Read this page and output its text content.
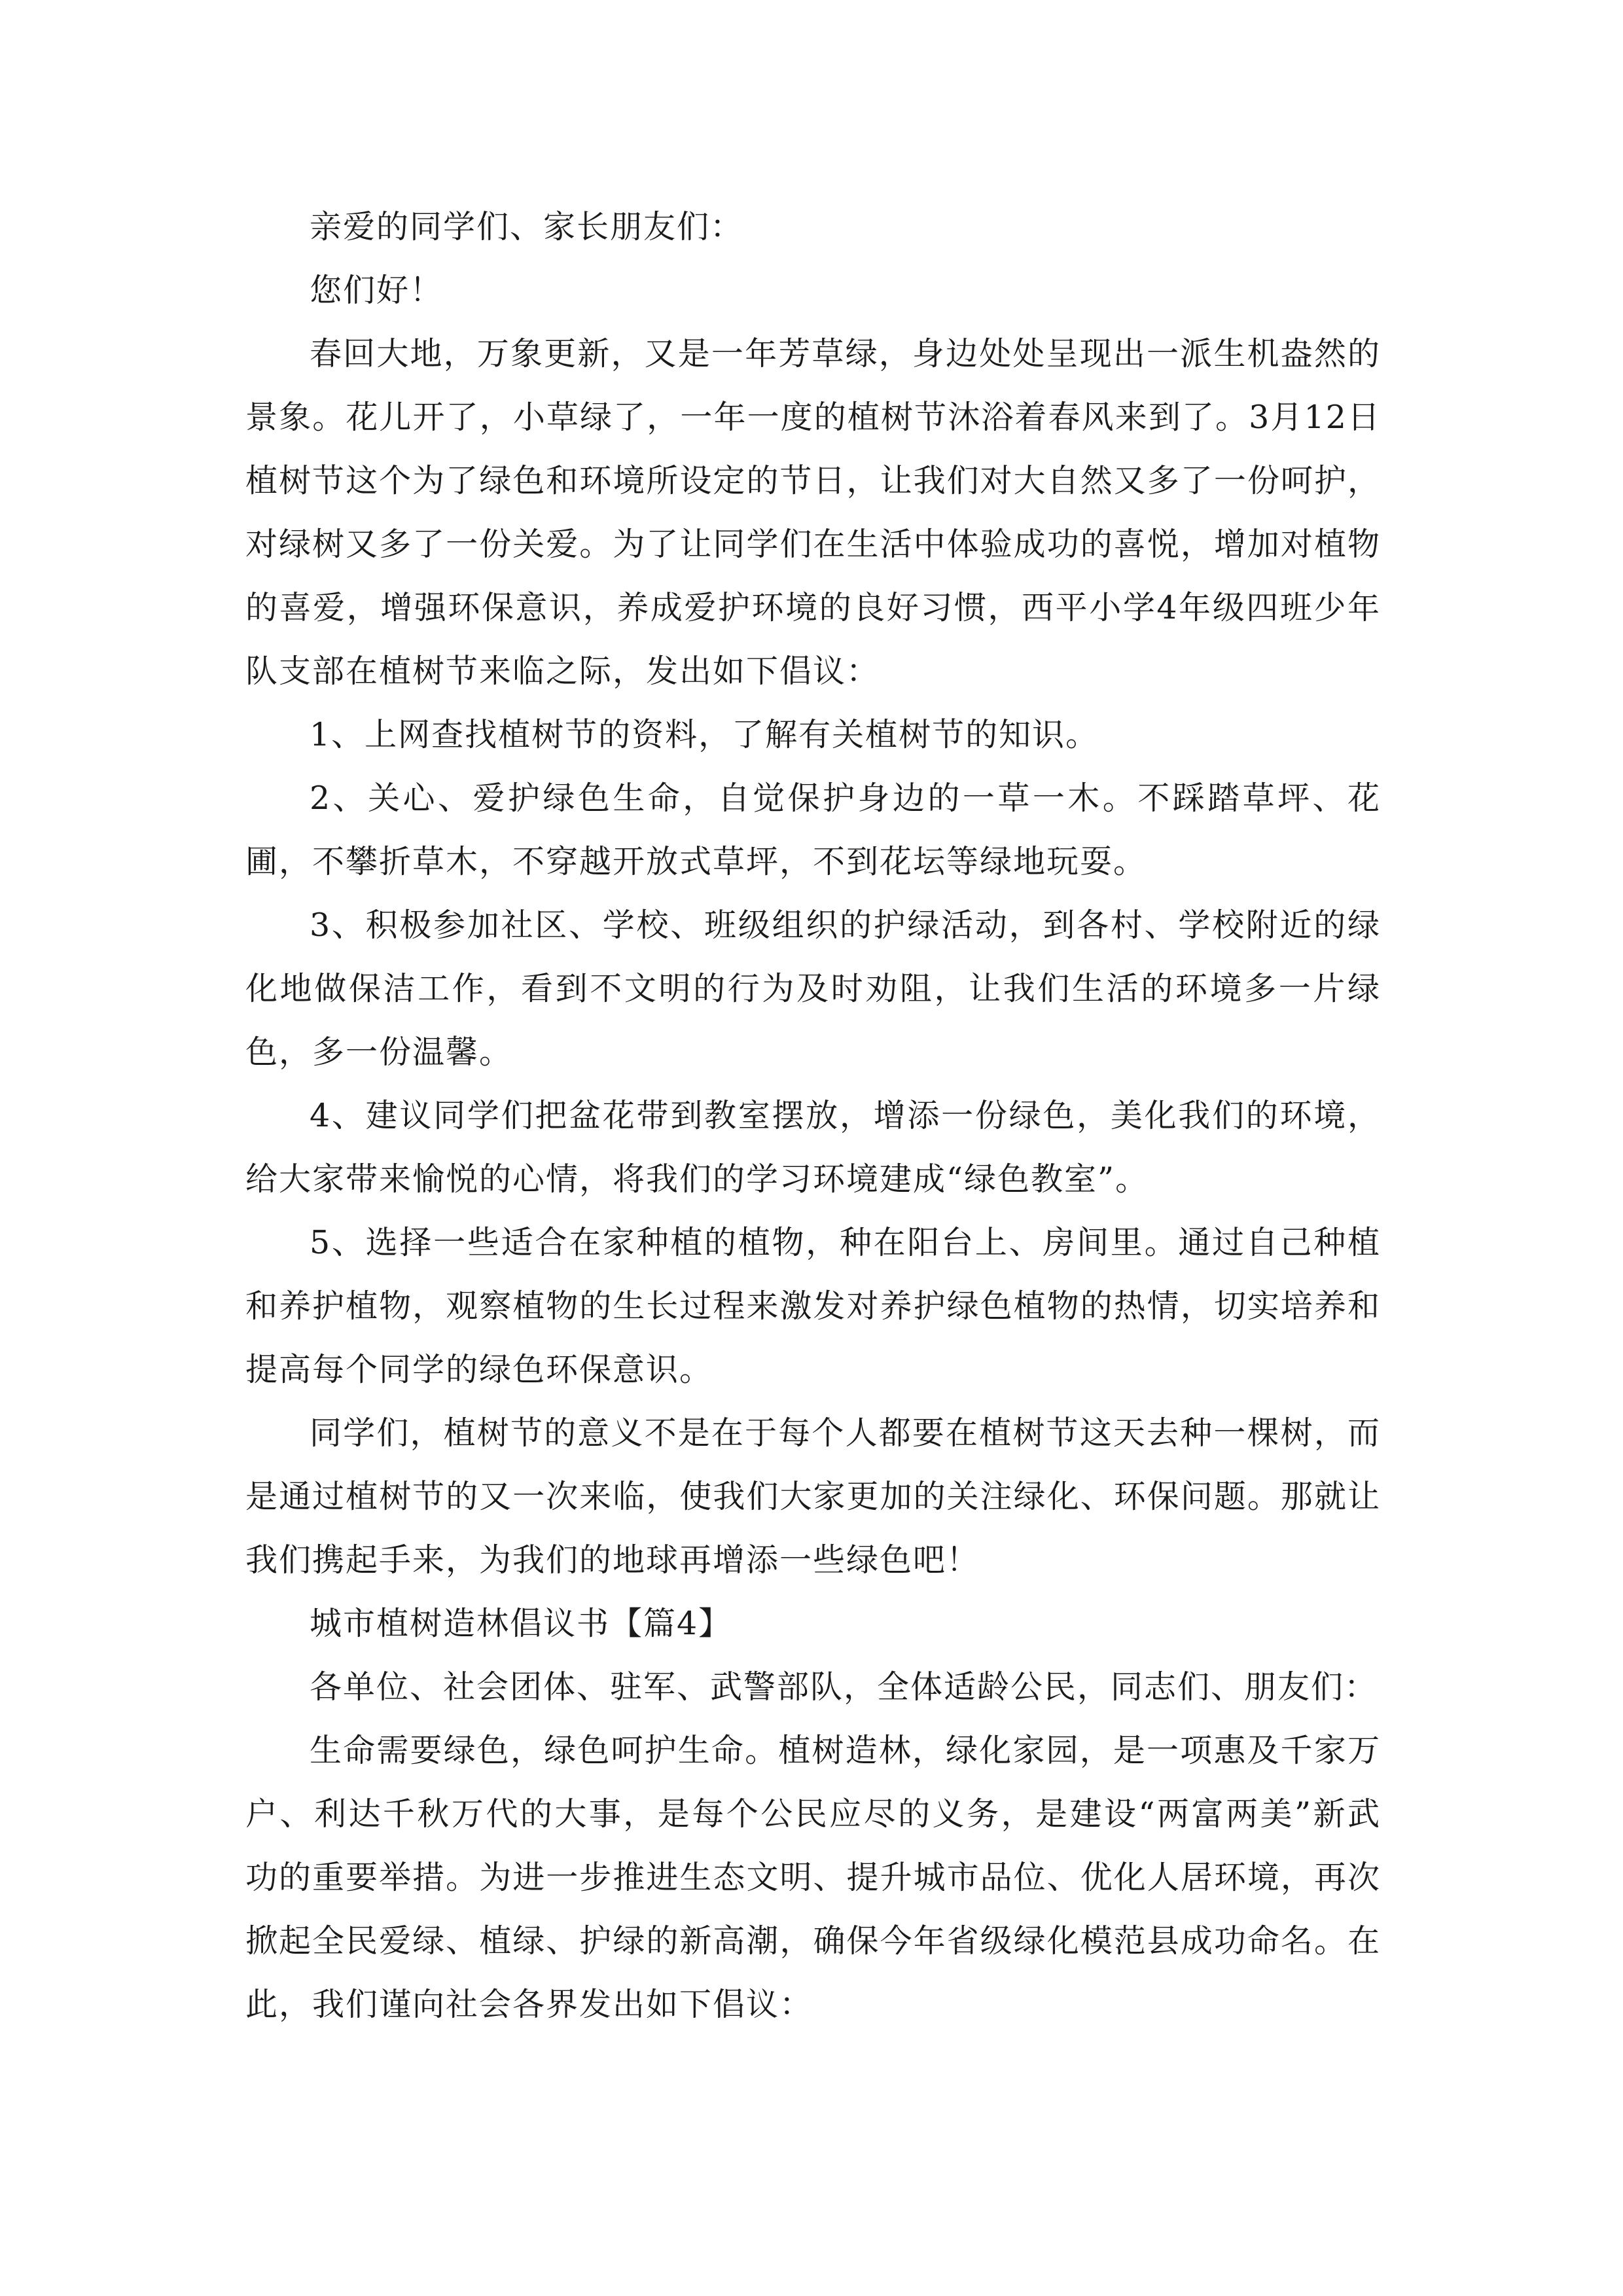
亲爱的同学们、家长朋友们：

您们好！

春回大地，万象更新，又是一年芳草绿，身边处处呈现出一派生机盎然的景象。花儿开了，小草绿了，一年一度的植树节沐浴着春风来到了。3月12日 植树节这个为了绿色和环境所设定的节日，让我们对大自然又多了一份呵护，对绿树又多了一份关爱。为了让同学们在生活中体验成功的喜悦，增加对植物的喜爱，增强环保意识，养成爱护环境的良好习惯，西平小学4年级四班少年队支部在植树节来临之际，发出如下倡议：

1、上网查找植树节的资料，了解有关植树节的知识。

2、关心、爱护绿色生命，自觉保护身边的一草一木。不踩踏草坪、花圃，不攀折草木，不穿越开放式草坪，不到花坛等绿地玩耍。

3、积极参加社区、学校、班级组织的护绿活动，到各村、学校附近的绿化地做保洁工作，看到不文明的行为及时劝阻，让我们生活的环境多一片绿色，多一份温馨。

4、建议同学们把盆花带到教室摆放，增添一份绿色，美化我们的环境，给大家带来愉悦的心情，将我们的学习环境建成“绿色教室”。

5、选择一些适合在家种植的植物，种在阳台上、房间里。通过自己种植和养护植物，观察植物的生长过程来激发对养护绿色植物的热情，切实培养和提高每个同学的绿色环保意识。

同学们，植树节的意义不是在于每个人都要在植树节这天去种一棵树，而是通过植树节的又一次来临，使我们大家更加的关注绿化、环保问题。那就让我们携起手来，为我们的地球再增添一些绿色吧！

城市植树造林倡议书【篇4】

各单位、社会团体、驻军、武警部队，全体适龄公民，同志们、朋友们：

生命需要绿色，绿色呵护生命。植树造林，绿化家园，是一项惠及千家万户、利达千秋万代的大事，是每个公民应尽的义务，是建设“两富两美”新武功的重要举措。为进一步推进生态文明、提升城市品位、优化人居环境，再次掀起全民爱绿、植绿、护绿的新高潮，确保今年省级绿化模范县成功命名。在此，我们谨向社会各界发出如下倡议：
